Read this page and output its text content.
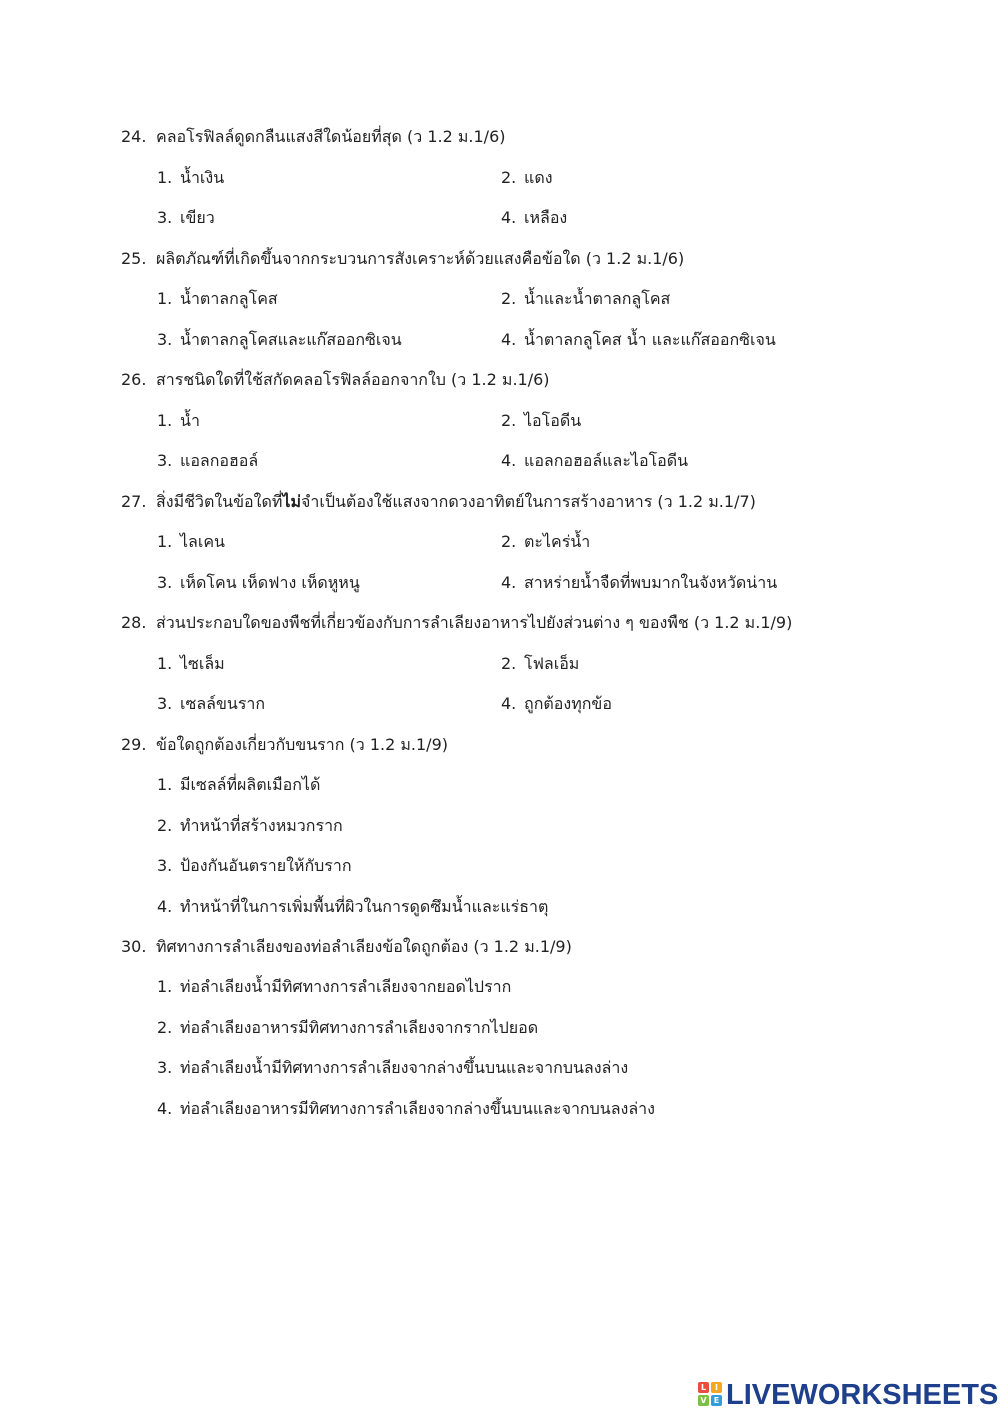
24. คลอโรฟิลล์ดูดกลืนแสงสีใดน้อยที่สุด (ว 1.2 ม.1/6)
1. น้ำเงิน	2. แดง
3. เขียว	4. เหลือง
25. ผลิตภัณฑ์ที่เกิดขึ้นจากกระบวนการสังเคราะห์ด้วยแสงคือข้อใด (ว 1.2 ม.1/6)
1. น้ำตาลกลูโคส	2. น้ำและน้ำตาลกลูโคส
3. น้ำตาลกลูโคสและแก๊สออกซิเจน	4. น้ำตาลกลูโคส น้ำ และแก๊สออกซิเจน
26. สารชนิดใดที่ใช้สกัดคลอโรฟิลล์ออกจากใบ (ว 1.2 ม.1/6)
1. น้ำ	2. ไอโอดีน
3. แอลกอฮอล์	4. แอลกอฮอล์และไอโอดีน
27. สิ่งมีชีวิตในข้อใดที่ไม่จำเป็นต้องใช้แสงจากดวงอาทิตย์ในการสร้างอาหาร (ว 1.2 ม.1/7)
1. ไลเคน	2. ตะไคร่น้ำ
3. เห็ดโคน เห็ดฟาง เห็ดหูหนู	4. สาหร่ายน้ำจืดที่พบมากในจังหวัดน่าน
28. ส่วนประกอบใดของพืชที่เกี่ยวข้องกับการลำเลียงอาหารไปยังส่วนต่าง ๆ ของพืช (ว 1.2 ม.1/9)
1. ไซเล็ม	2. โฟลเอ็ม
3. เซลล์ขนราก	4. ถูกต้องทุกข้อ
29. ข้อใดถูกต้องเกี่ยวกับขนราก (ว 1.2 ม.1/9)
1. มีเซลล์ที่ผลิตเมือกได้
2. ทำหน้าที่สร้างหมวกราก
3. ป้องกันอันตรายให้กับราก
4. ทำหน้าที่ในการเพิ่มพื้นที่ผิวในการดูดซึมน้ำและแร่ธาตุ
30. ทิศทางการลำเลียงของท่อลำเลียงข้อใดถูกต้อง (ว 1.2 ม.1/9)
1. ท่อลำเลียงน้ำมีทิศทางการลำเลียงจากยอดไปราก
2. ท่อลำเลียงอาหารมีทิศทางการลำเลียงจากรากไปยอด
3. ท่อลำเลียงน้ำมีทิศทางการลำเลียงจากล่างขึ้นบนและจากบนลงล่าง
4. ท่อลำเลียงอาหารมีทิศทางการลำเลียงจากล่างขึ้นบนและจากบนลงล่าง
L	I
V E LIVEWORKSHEETS
